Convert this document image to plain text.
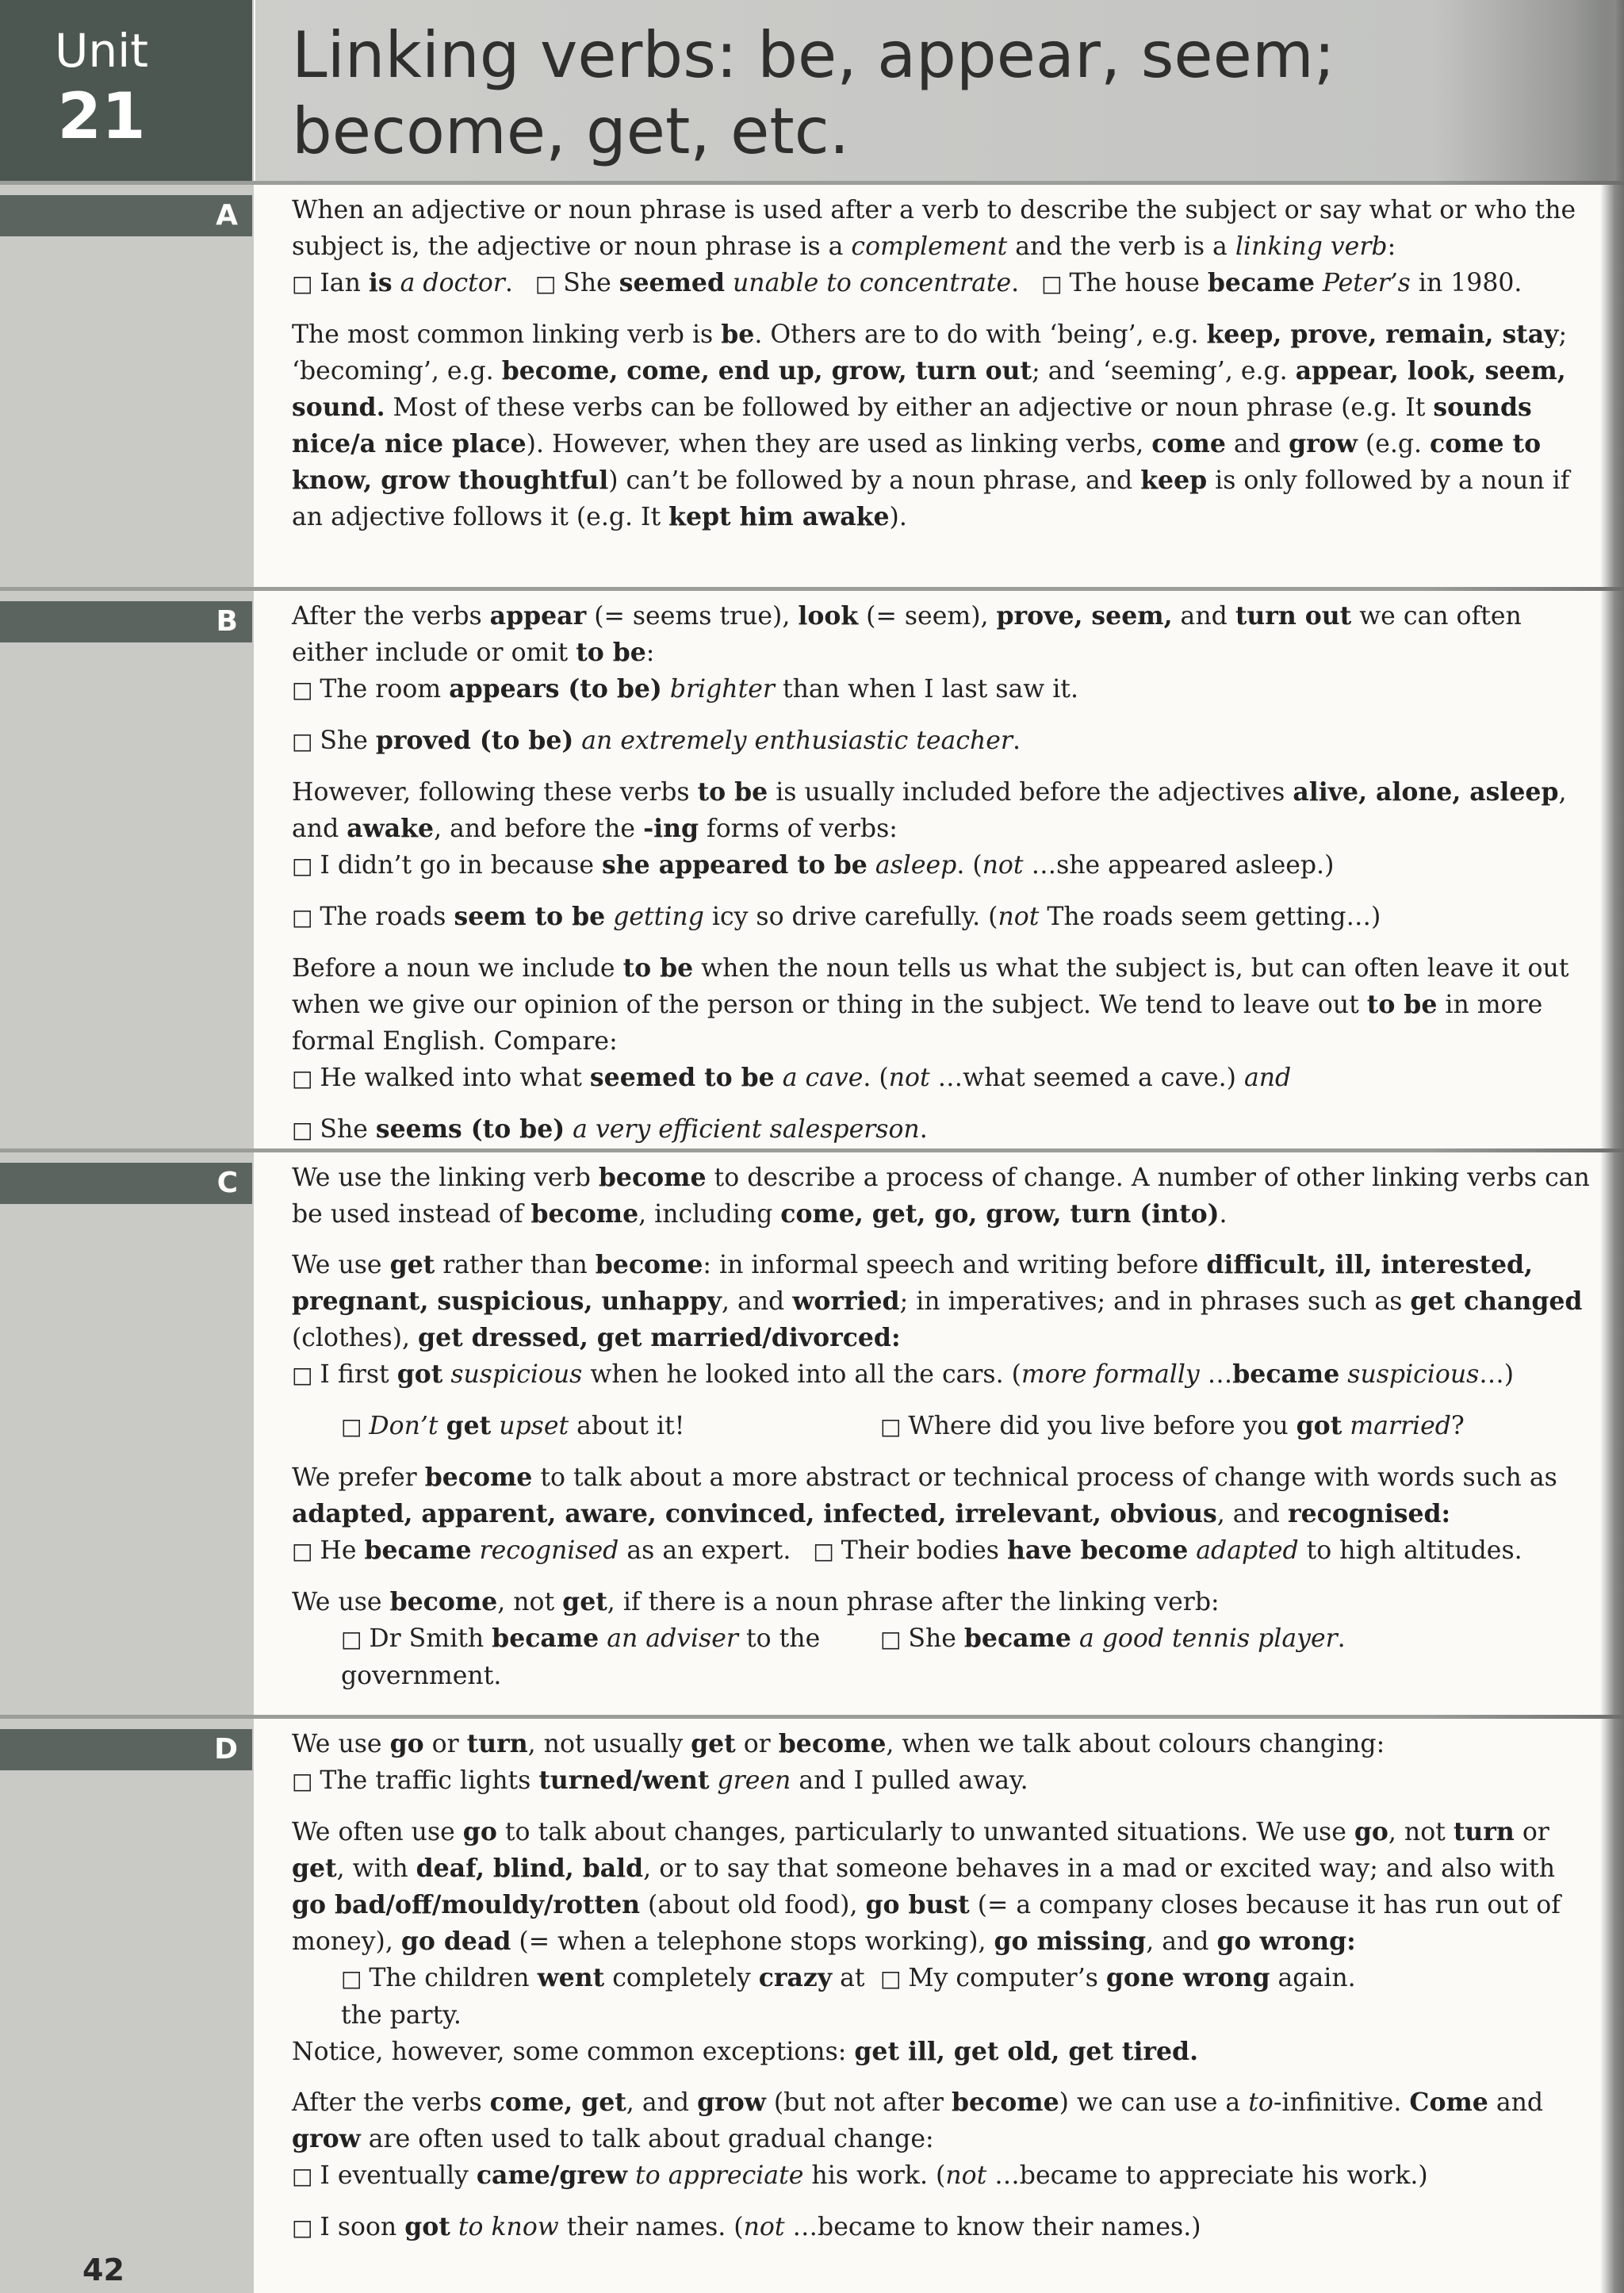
Unit
21
Linking verbs: be, appear, seem; become, get, etc.
A When an adjective or noun phrase is used after a verb to describe the subject or say what or who the subject is, the adjective or noun phrase is a complement and the verb is a linking verb:

□ Ian is a doctor. □ She seemed unable to concentrate. □ The house became Peter’s in 1980.

The most common linking verb is be. Others are to do with ‘being’, e.g. keep, prove, remain, stay; ‘becoming’, e.g. become, come, end up, grow, turn out; and ‘seeming’, e.g. appear, look, seem, sound. Most of these verbs can be followed by either an adjective or noun phrase (e.g. It sounds nice/a nice place). However, when they are used as linking verbs, come and grow (e.g. come to know, grow thoughtful) can’t be followed by a noun phrase, and keep is only followed by a noun if an adjective follows it (e.g. It kept him awake).

B After the verbs appear (= seems true), look (= seem), prove, seem, and turn out we can often either include or omit to be:

□ The room appears (to be) brighter than when I last saw it.

□ She proved (to be) an extremely enthusiastic teacher.

However, following these verbs to be is usually included before the adjectives alive, alone, asleep, and awake, and before the -ing forms of verbs:

□ I didn’t go in because she appeared to be asleep. (not …she appeared asleep.)

□ The roads seem to be getting icy so drive carefully. (not The roads seem getting…)

Before a noun we include to be when the noun tells us what the subject is, but can often leave it out when we give our opinion of the person or thing in the subject. We tend to leave out to be in more formal English. Compare:

□ He walked into what seemed to be a cave. (not …what seemed a cave.) and

□ She seems (to be) a very efficient salesperson.

C We use the linking verb become to describe a process of change. A number of other linking verbs can be used instead of become, including come, get, go, grow, turn (into).

We use get rather than become: in informal speech and writing before difficult, ill, interested, pregnant, suspicious, unhappy, and worried; in imperatives; and in phrases such as get changed (clothes), get dressed, get married/divorced:

□ I first got suspicious when he looked into all the cars. (more formally …became suspicious…)

□ Don’t get upset about it!	□ Where did you live before you got married?

We prefer become to talk about a more abstract or technical process of change with words such as adapted, apparent, aware, convinced, infected, irrelevant, obvious, and recognised:

□ He became recognised as an expert. □ Their bodies have become adapted to high altitudes.

We use become, not get, if there is a noun phrase after the linking verb:

□ Dr Smith became an adviser to the government.
□ She became a good tennis player.
D We use go or turn, not usually get or become, when we talk about colours changing:

□ The traffic lights turned/went green and I pulled away.

We often use go to talk about changes, particularly to unwanted situations. We use go, not turn or get, with deaf, blind, bald, or to say that someone behaves in a mad or excited way; and also with go bad/off/mouldy/rotten (about old food), go bust (= a company closes because it has run out of money), go dead (= when a telephone stops working), go missing, and go wrong:

□ The children went completely crazy at the party.
□ My computer’s gone wrong again.

Notice, however, some common exceptions: get ill, get old, get tired.

After the verbs come, get, and grow (but not after become) we can use a to-infinitive. Come and grow are often used to talk about gradual change:

□ I eventually came/grew to appreciate his work. (not …became to appreciate his work.)

□ I soon got to know their names. (not …became to know their names.)

42
